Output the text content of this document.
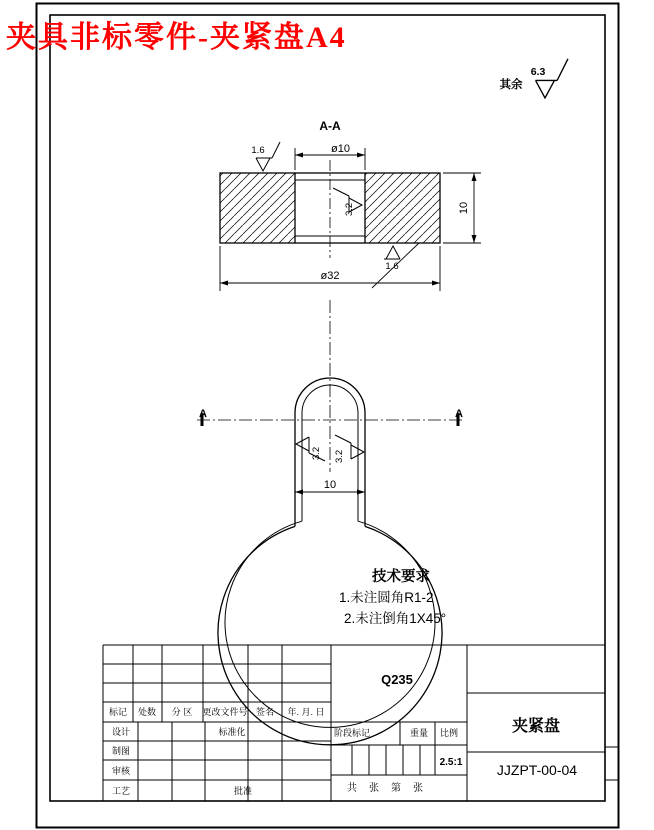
其余
6.3
A-A
ø10
10
ø32
1.6
3.2
1.6
A	A
3.2 3.2
10
技术要求
1.未注圆角R1-2
2.未注倒角1X45°
标记 处数 分 区 更改文件号 签名 年. 月. 日
设计	标准化
制图
审核
工艺	批准
Q235
阶段标记	重量 比例
2.5:1
共 张 第 张
夹紧盘
JJZPT-00-04
夹具非标零件-夹紧盘A4
